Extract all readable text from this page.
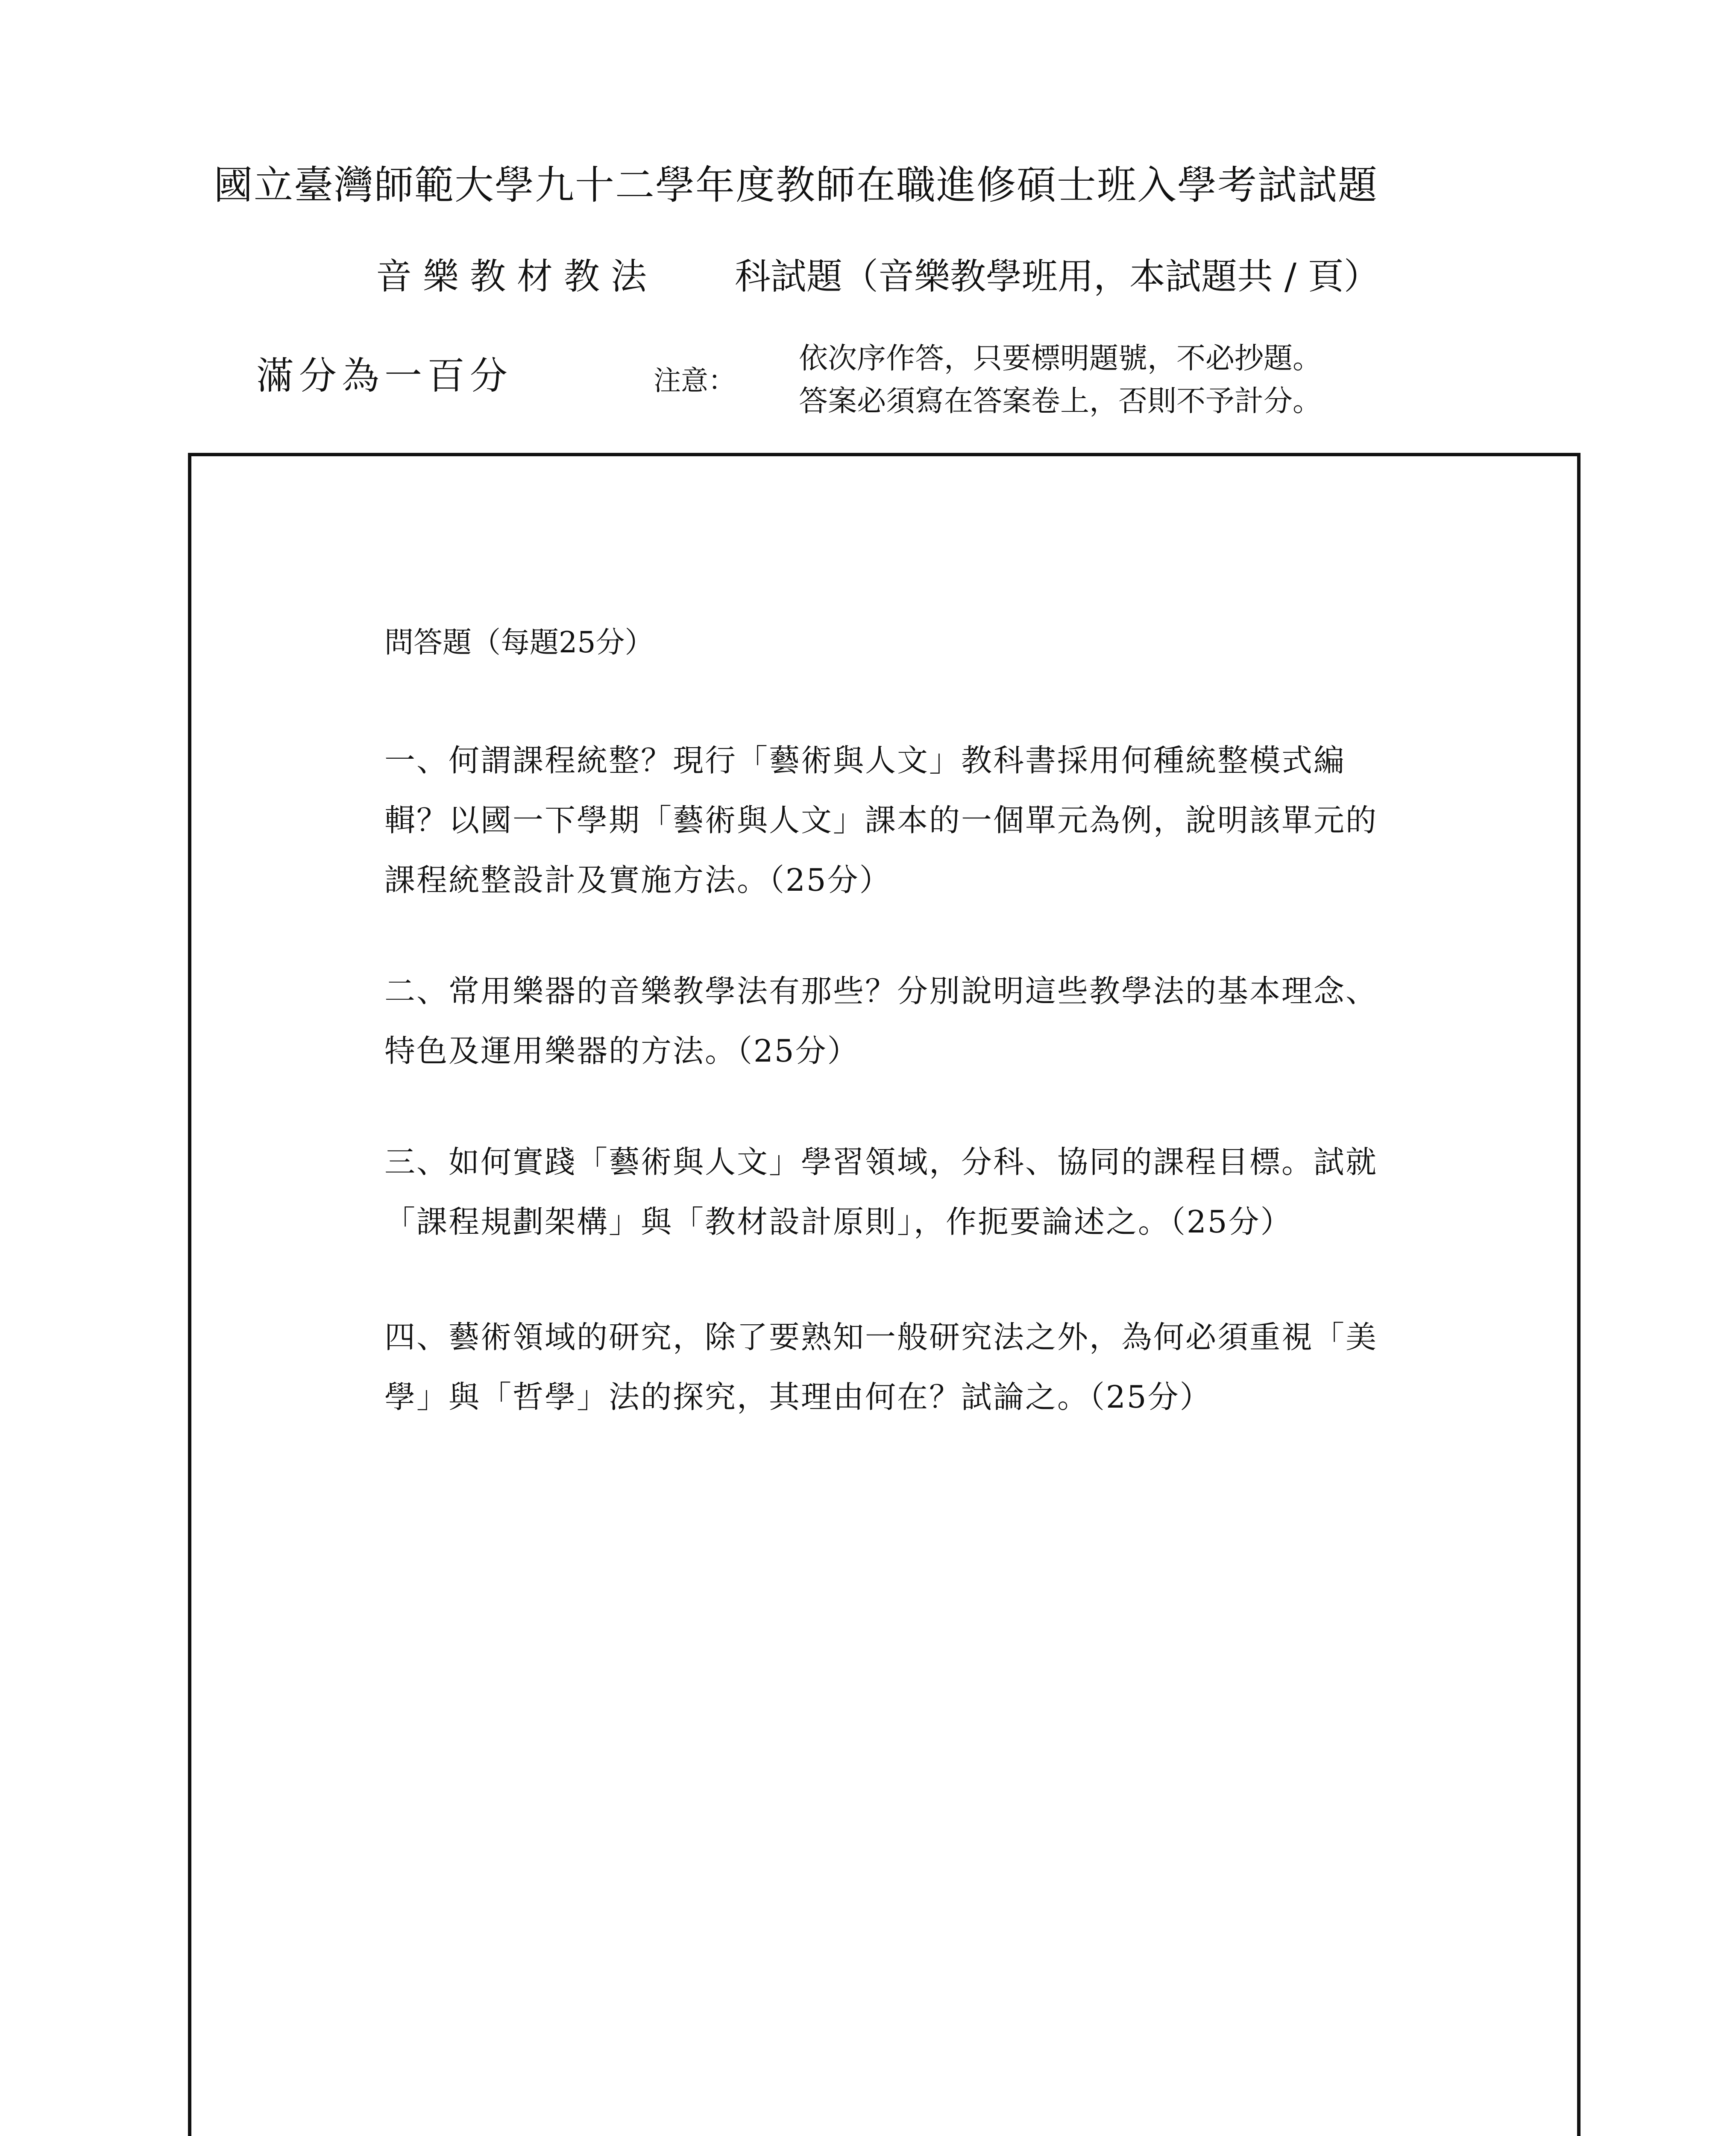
國立臺灣師範大學九十二學年度教師在職進修碩士班入學考試試題
音樂教材教法 科試題（音樂教學班用，本試題共 / 頁）
滿分為一百分	注意：
依次序作答，只要標明題號，不必抄題。
答案必須寫在答案卷上，否則不予計分。
問答題（每題25分）
一、何謂課程統整？現行「藝術與人文」教科書採用何種統整模式編輯？以國一下學期「藝術與人文」課本的一個單元為例，說明該單元的課程統整設計及實施方法。（25分）
二、常用樂器的音樂教學法有那些？分別說明這些教學法的基本理念、特色及運用樂器的方法。（25分）
三、如何實踐「藝術與人文」學習領域，分科、協同的課程目標。試就「課程規劃架構」與「教材設計原則」，作扼要論述之。（25分）
四、藝術領域的研究，除了要熟知一般研究法之外，為何必須重視「美學」與「哲學」法的探究，其理由何在？試論之。（25分）
